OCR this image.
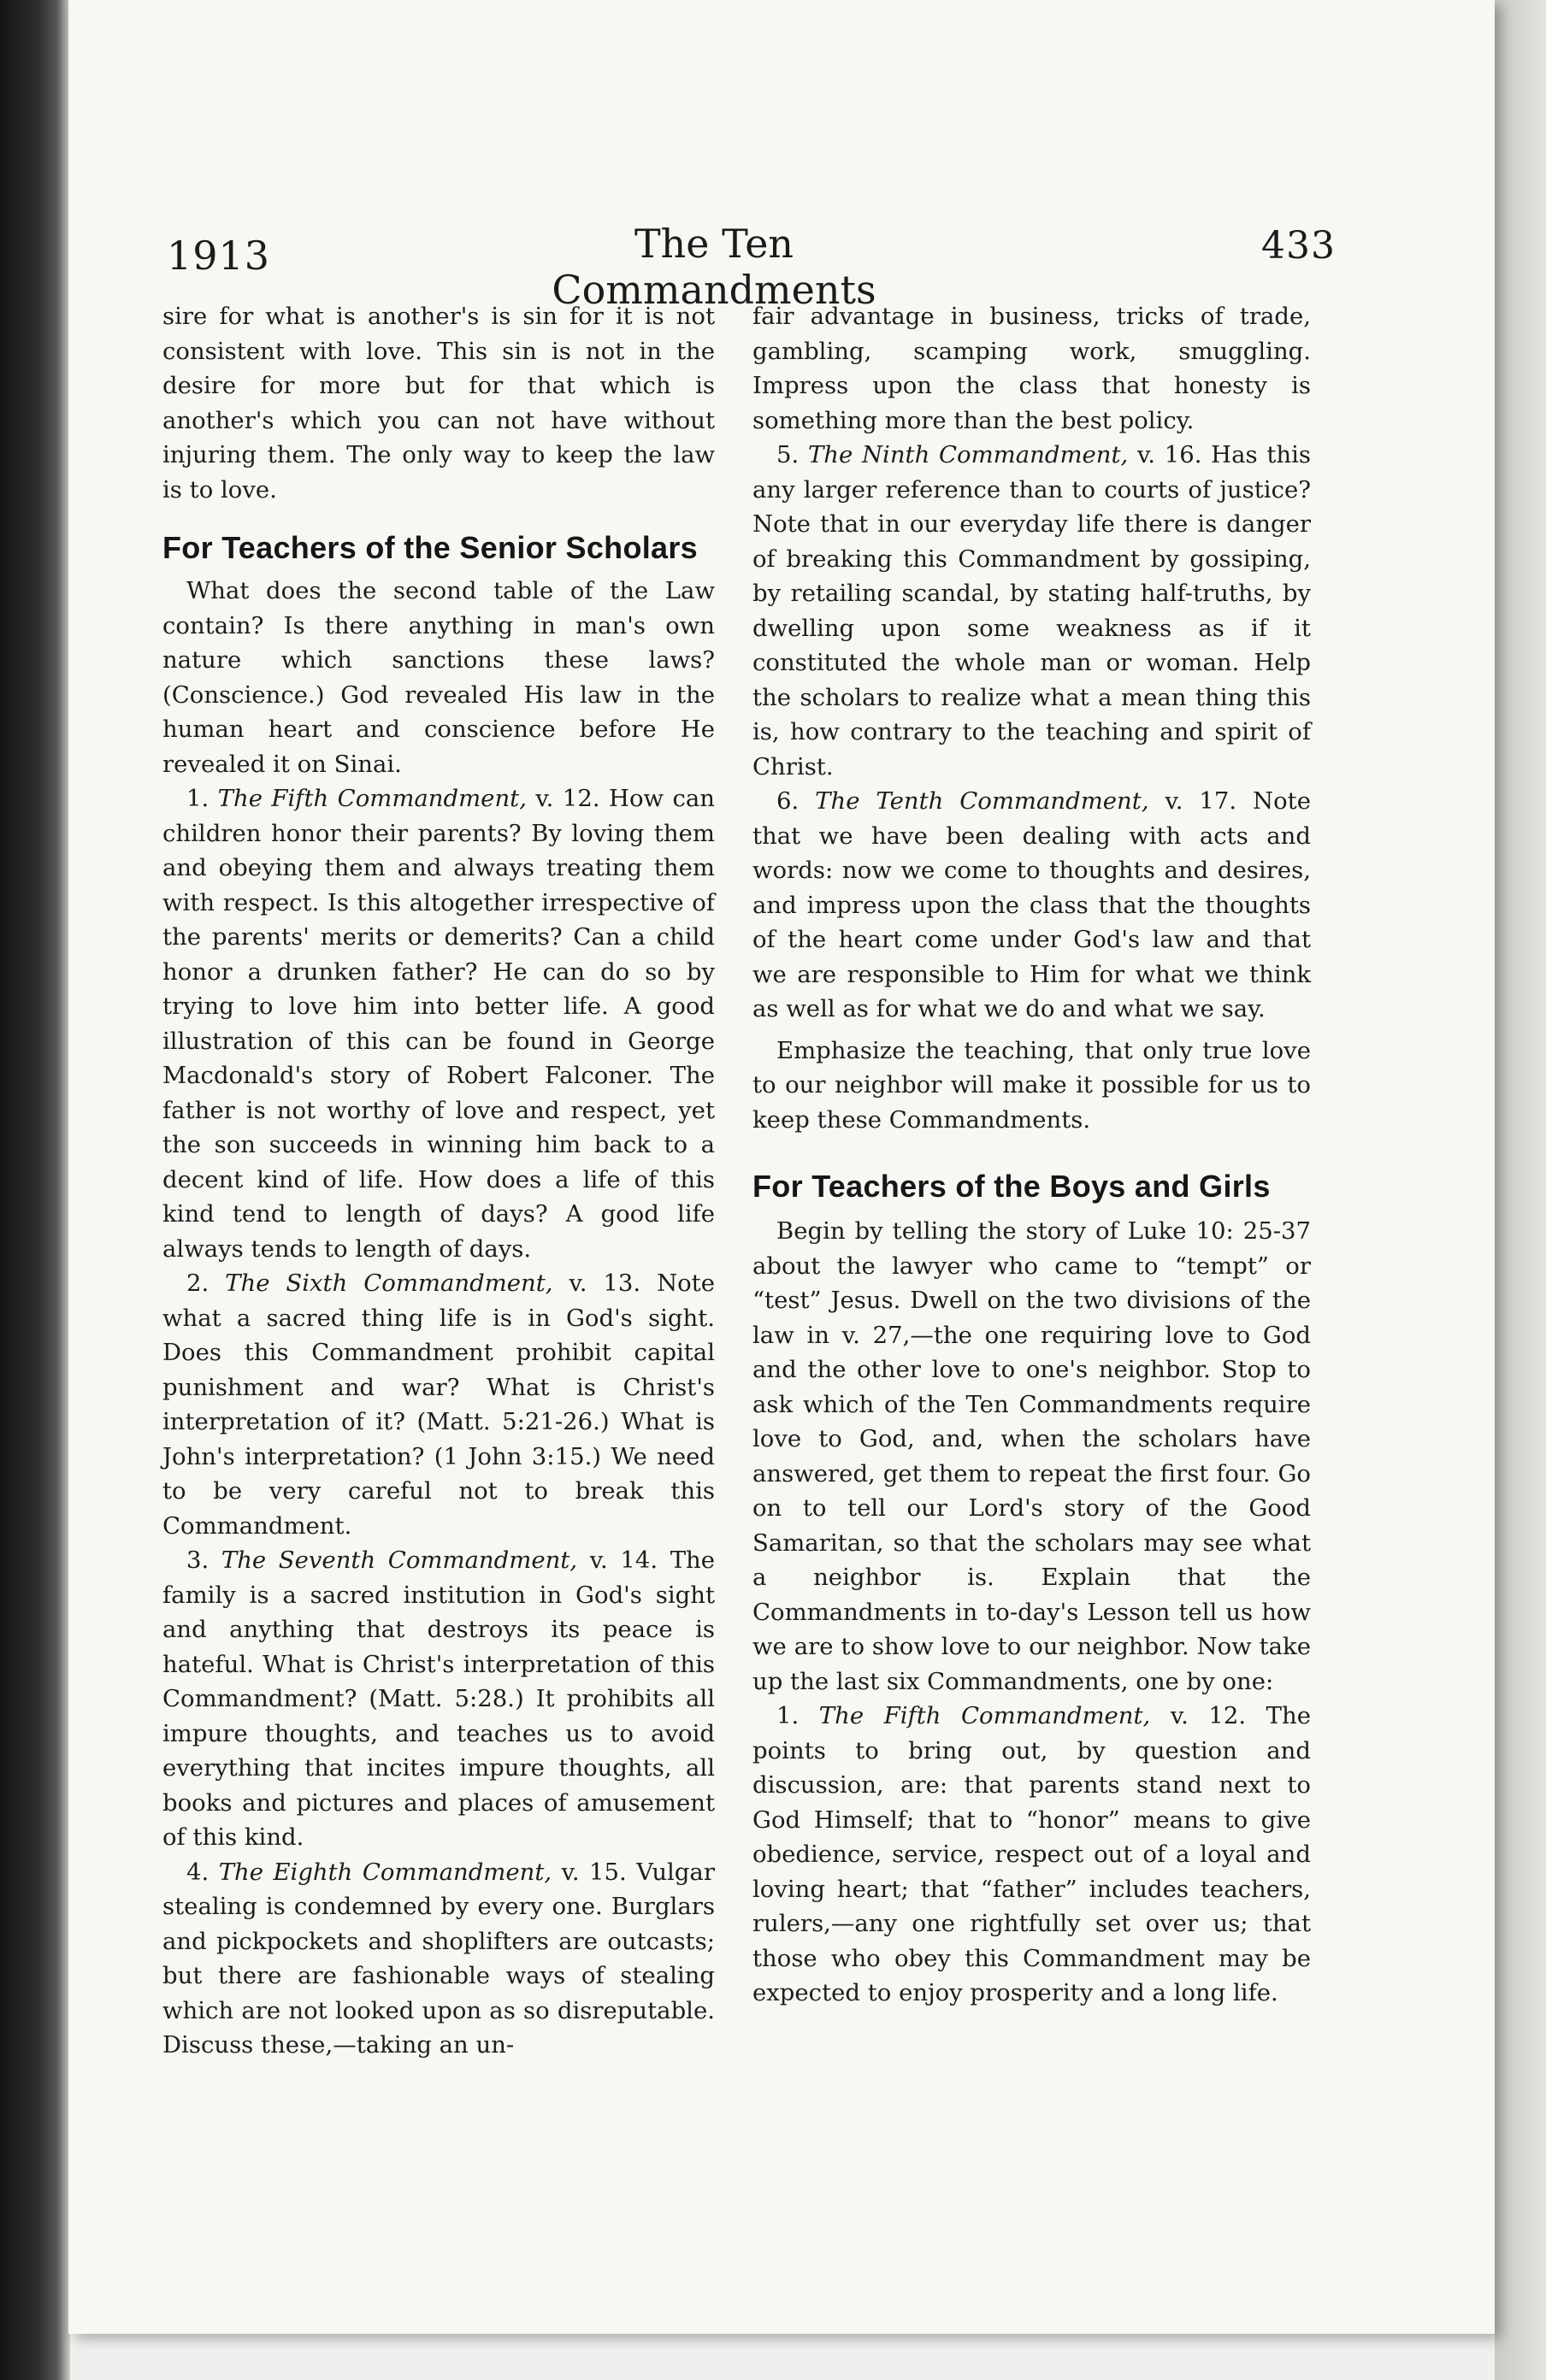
1913	The Ten Commandments
433

sire for what is another's is sin for it is not consistent with love. This sin is not in the desire for more but for that which is another's which you can not have without injuring them. The only way to keep the law is to love.

For Teachers of the Senior Scholars

What does the second table of the Law contain? Is there anything in man's own nature which sanctions these laws? (Conscience.) God revealed His law in the human heart and conscience before He revealed it on Sinai.

1. The Fifth Commandment, v. 12. How can children honor their parents? By loving them and obeying them and always treating them with respect. Is this altogether irrespective of the parents' merits or demerits? Can a child honor a drunken father? He can do so by trying to love him into better life. A good illustration of this can be found in George Macdonald's story of Robert Falconer. The father is not worthy of love and respect, yet the son succeeds in winning him back to a decent kind of life. How does a life of this kind tend to length of days? A good life always tends to length of days.

2. The Sixth Commandment, v. 13. Note what a sacred thing life is in God's sight. Does this Commandment prohibit capital punishment and war? What is Christ's interpretation of it? (Matt. 5:21-26.) What is John's interpretation? (1 John 3:15.) We need to be very careful not to break this Commandment.

3. The Seventh Commandment, v. 14. The family is a sacred institution in God's sight and anything that destroys its peace is hateful. What is Christ's interpretation of this Commandment? (Matt. 5:28.) It prohibits all impure thoughts, and teaches us to avoid everything that incites impure thoughts, all books and pictures and places of amusement of this kind.

4. The Eighth Commandment, v. 15. Vulgar stealing is condemned by every one. Burglars and pickpockets and shoplifters are outcasts; but there are fashionable ways of stealing which are not looked upon as so disreputable. Discuss these,—taking an un-

fair advantage in business, tricks of trade, gambling, scamping work, smuggling. Impress upon the class that honesty is something more than the best policy.

5. The Ninth Commandment, v. 16. Has this any larger reference than to courts of justice? Note that in our everyday life there is danger of breaking this Commandment by gossiping, by retailing scandal, by stating half-truths, by dwelling upon some weakness as if it constituted the whole man or woman. Help the scholars to realize what a mean thing this is, how contrary to the teaching and spirit of Christ.

6. The Tenth Commandment, v. 17. Note that we have been dealing with acts and words: now we come to thoughts and desires, and impress upon the class that the thoughts of the heart come under God's law and that we are responsible to Him for what we think as well as for what we do and what we say.

Emphasize the teaching, that only true love to our neighbor will make it possible for us to keep these Commandments.

For Teachers of the Boys and Girls

Begin by telling the story of Luke 10: 25-37 about the lawyer who came to “tempt” or “test” Jesus. Dwell on the two divisions of the law in v. 27,—the one requiring love to God and the other love to one's neighbor. Stop to ask which of the Ten Commandments require love to God, and, when the scholars have answered, get them to repeat the first four. Go on to tell our Lord's story of the Good Samaritan, so that the scholars may see what a neighbor is. Explain that the Commandments in to-day's Lesson tell us how we are to show love to our neighbor. Now take up the last six Commandments, one by one:

1. The Fifth Commandment, v. 12. The points to bring out, by question and discussion, are: that parents stand next to God Himself; that to “honor” means to give obedience, service, respect out of a loyal and loving heart; that “father” includes teachers, rulers,—any one rightfully set over us; that those who obey this Commandment may be expected to enjoy prosperity and a long life.
